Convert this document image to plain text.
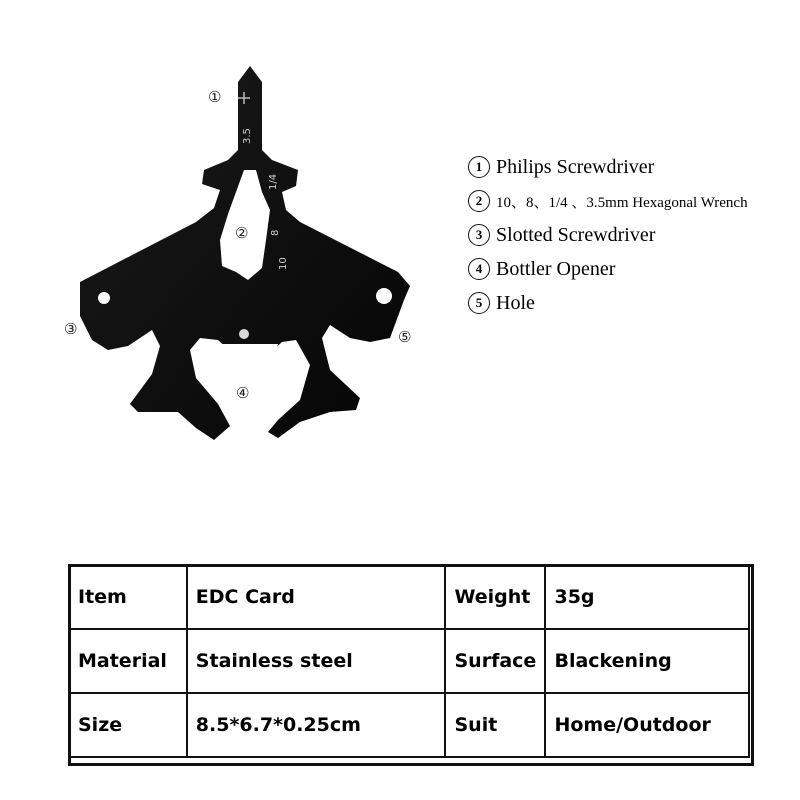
3.5
1/4
8
10
①
②
③
④
⑤
1 Philips Screwdriver
2 10、8、1/4 、3.5mm Hexagonal Wrench
3 Slotted Screwdriver
4 Bottler Opener
5 Hole
Item	EDC Card	Weight	35g
Material	Stainless steel	Surface	Blackening
Size	8.5*6.7*0.25cm	Suit	Home/Outdoor
